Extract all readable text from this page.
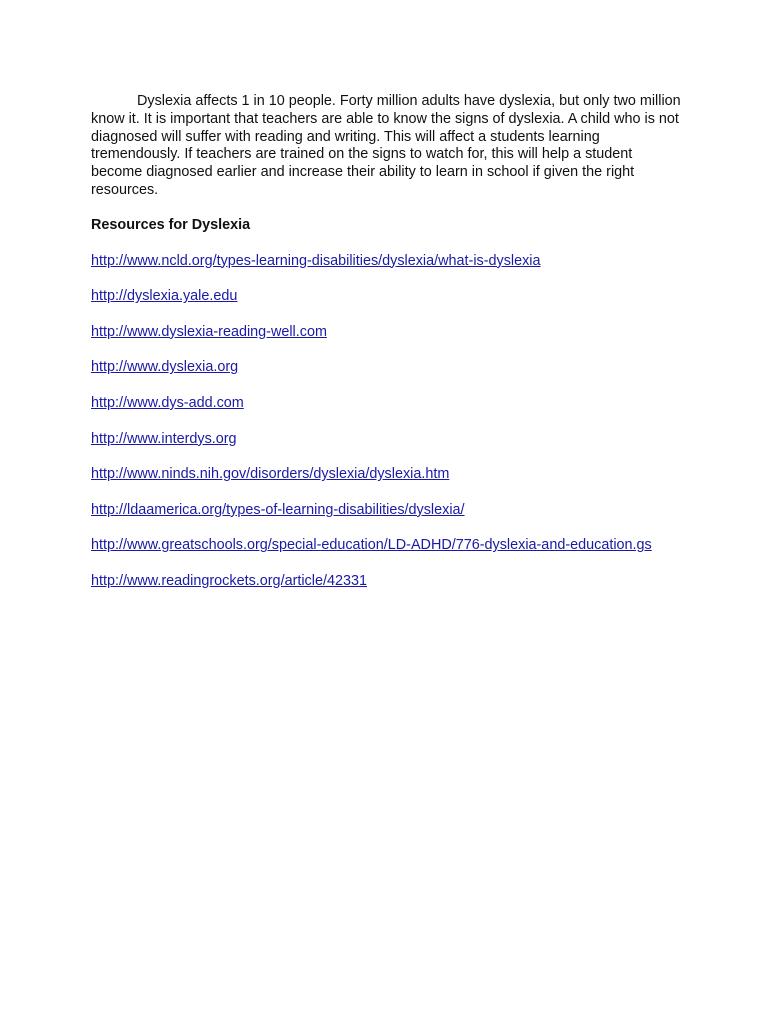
Dyslexia affects 1 in 10 people. Forty million adults have dyslexia, but only two million know it. It is important that teachers are able to know the signs of dyslexia. A child who is not diagnosed will suffer with reading and writing. This will affect a students learning tremendously. If teachers are trained on the signs to watch for, this will help a student become diagnosed earlier and increase their ability to learn in school if given the right resources.

Resources for Dyslexia
http://www.ncld.org/types-learning-disabilities/dyslexia/what-is-dyslexia
http://dyslexia.yale.edu
http://www.dyslexia-reading-well.com
http://www.dyslexia.org
http://www.dys-add.com
http://www.interdys.org
http://www.ninds.nih.gov/disorders/dyslexia/dyslexia.htm
http://ldaamerica.org/types-of-learning-disabilities/dyslexia/
http://www.greatschools.org/special-education/LD-ADHD/776-dyslexia-and-education.gs
http://www.readingrockets.org/article/42331
